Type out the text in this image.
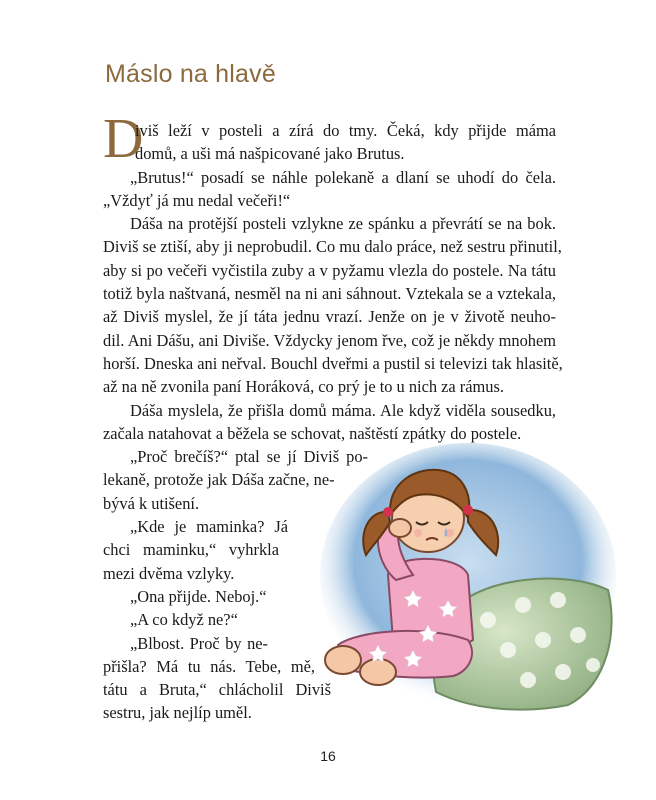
Máslo na hlavě
D
iviš leží v posteli a zírá do tmy. Čeká, kdy přijde máma
domů, a uši má našpicované jako Brutus.
„Brutus!“ posadí se náhle polekaně a dlaní se uhodí do čela.
„Vždyť já mu nedal večeři!“
Dáša na protější posteli vzlykne ze spánku a převrátí se na bok.
Diviš se ztiší, aby ji neprobudil. Co mu dalo práce, než sestru přinutil,
aby si po večeři vyčistila zuby a v pyžamu vlezla do postele. Na tátu
totiž byla naštvaná, nesměl na ni ani sáhnout. Vztekala se a vztekala,
až Diviš myslel, že jí táta jednu vrazí. Jenže on je v životě neuho-
dil. Ani Dášu, ani Diviše. Vždycky jenom řve, což je někdy mnohem
horší. Dneska ani neřval. Bouchl dveřmi a pustil si televizi tak hlasitě,
až na ně zvonila paní Horáková, co prý je to u nich za rámus.
Dáša myslela, že přišla domů máma. Ale když viděla sousedku,
začala natahovat a běžela se schovat, naštěstí zpátky do postele.
„Proč brečíš?“ ptal se jí Diviš po-
lekaně, protože jak Dáša začne, ne-
bývá k utišení.
„Kde je maminka? Já
chci maminku,“ vyhrkla
mezi dvěma vzlyky.
„Ona přijde. Neboj.“
„A co když ne?“
„Blbost. Proč by ne-
přišla? Má tu nás. Tebe, mě,
tátu a Bruta,“ chlácholil Diviš
sestru, jak nejlíp uměl.
16
